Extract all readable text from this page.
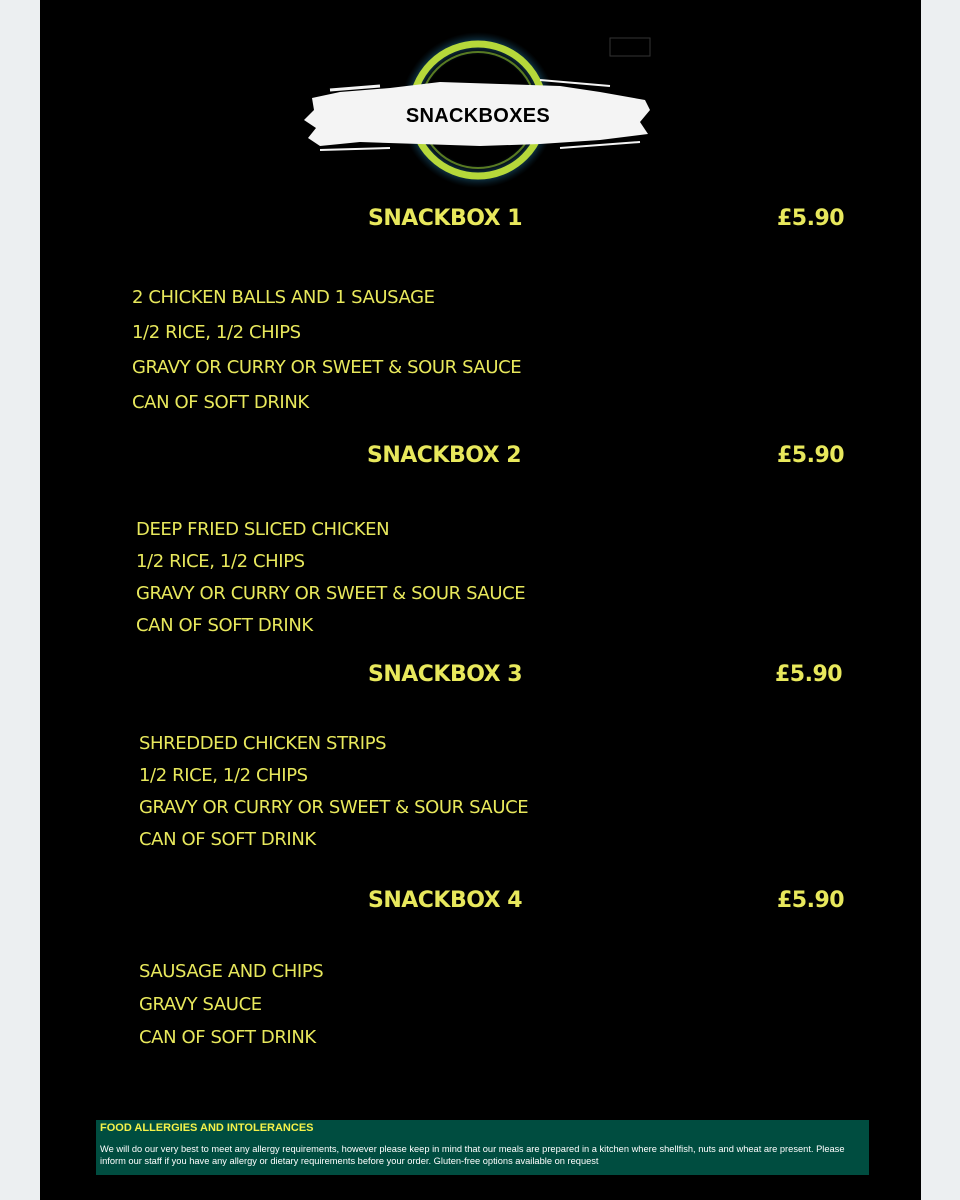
SNACKBOXES
SNACKBOX 1	£5.90
2 CHICKEN BALLS AND 1 SAUSAGE
1/2 RICE, 1/2 CHIPS
GRAVY OR CURRY OR SWEET & SOUR SAUCE
CAN OF SOFT DRINK
SNACKBOX 2	£5.90
DEEP FRIED SLICED CHICKEN
1/2 RICE, 1/2 CHIPS
GRAVY OR CURRY OR SWEET & SOUR SAUCE
CAN OF SOFT DRINK
SNACKBOX 3	£5.90
SHREDDED CHICKEN STRIPS
1/2 RICE, 1/2 CHIPS
GRAVY OR CURRY OR SWEET & SOUR SAUCE
CAN OF SOFT DRINK
SNACKBOX 4	£5.90
SAUSAGE AND CHIPS
GRAVY SAUCE
CAN OF SOFT DRINK
FOOD ALLERGIES AND INTOLERANCES
We will do our very best to meet any allergy requirements, however please keep in mind that our meals are prepared in a kitchen where shellfish, nuts and wheat are present. Please inform our staff if you have any allergy or dietary requirements before your order. Gluten-free options available on request
